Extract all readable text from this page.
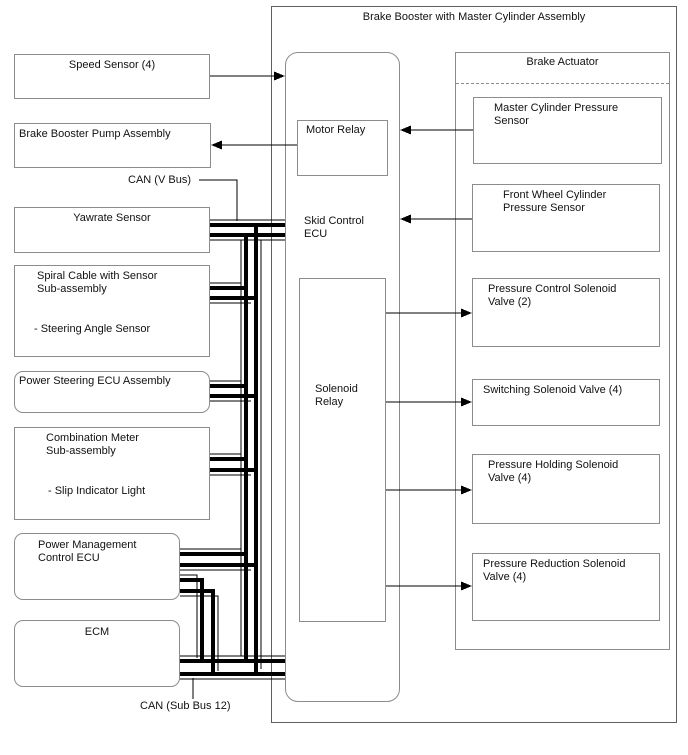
Brake Booster with Master Cylinder Assembly
Skid Control
ECU
Motor Relay
Solenoid
Relay
Brake Actuator
Master Cylinder Pressure
Sensor
Front Wheel Cylinder
Pressure Sensor
Pressure Control Solenoid
Valve (2)
Switching Solenoid Valve (4)
Pressure Holding Solenoid
Valve (4)
Pressure Reduction Solenoid
Valve (4)
Speed Sensor (4)
Brake Booster Pump Assembly
Yawrate Sensor
Spiral Cable with Sensor
Sub-assembly
- Steering Angle Sensor
Power Steering ECU Assembly
Combination Meter
Sub-assembly
- Slip Indicator Light
Power Management
Control ECU
ECM
CAN (V Bus)
CAN (Sub Bus 12)
